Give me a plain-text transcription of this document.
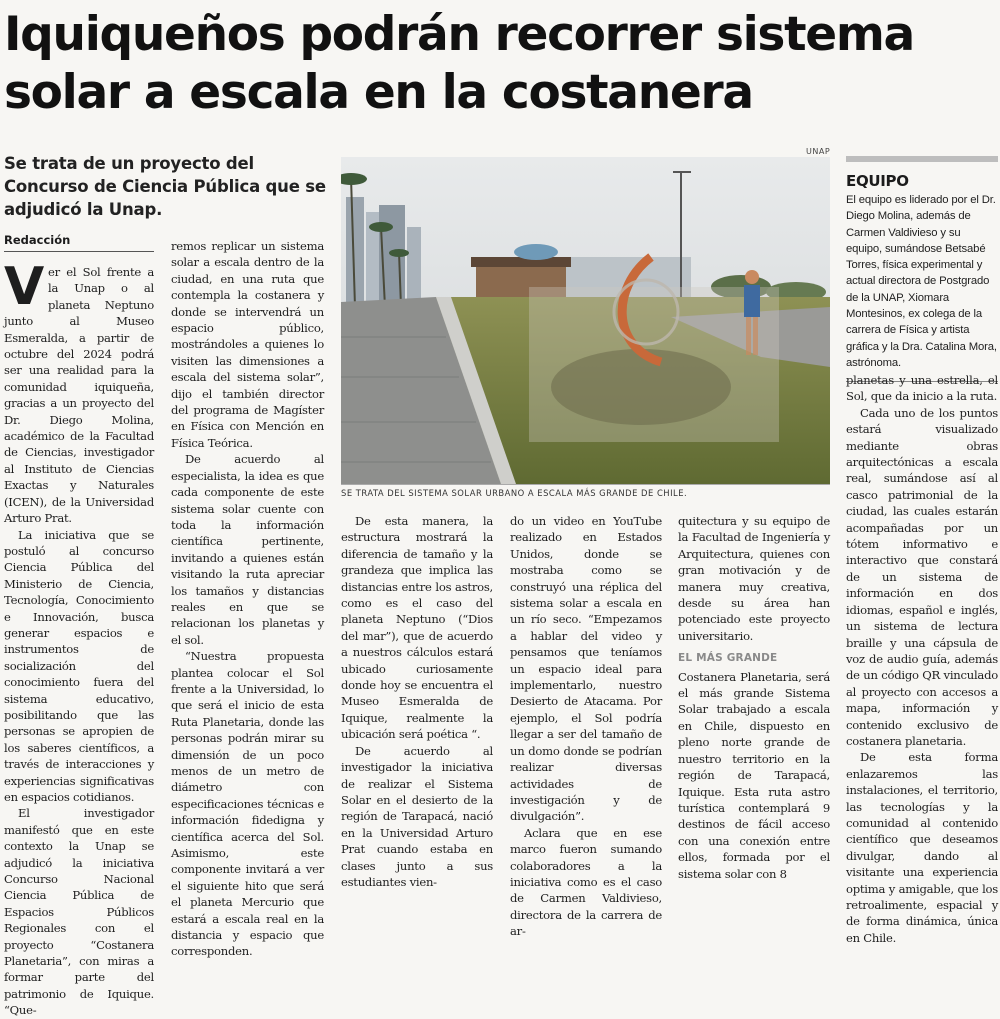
Iquiqueños podrán recorrer sistema solar a escala en la costanera
Se trata de un proyecto del Concurso de Ciencia Pública que se adjudicó la Unap.
Redacción
UNAP
SE TRATA DEL SISTEMA SOLAR URBANO A ESCALA MÁS GRANDE DE CHILE.

Ver el Sol frente a la Unap o al planeta Neptuno junto al Museo Esmeralda, a partir de octubre del 2024 podrá ser una realidad para la comunidad iquiqueña, gracias a un proyecto del Dr. Diego Molina, académico de la Facultad de Ciencias, investigador al Instituto de Ciencias Exactas y Naturales (ICEN), de la Universidad Arturo Prat.

La iniciativa que se postuló al concurso Ciencia Pública del Ministerio de Ciencia, Tecnología, Conocimiento e Innovación, busca generar espacios e instrumentos de socialización del conocimiento fuera del sistema educativo, posibilitando que las personas se apropien de los saberes científicos, a través de interacciones y experiencias significativas en espacios cotidianos.

El investigador manifestó que en este contexto la Unap se adjudicó la iniciativa Concurso Nacional Ciencia Pública de Espacios Públicos Regionales con el proyecto “Costanera Planetaria”, con miras a formar parte del patrimonio de Iquique. “Que-

remos replicar un sistema solar a escala dentro de la ciudad, en una ruta que contempla la costanera y donde se intervendrá un espacio público, mostrándoles a quienes lo visiten las dimensiones a escala del sistema solar”, dijo el también director del programa de Magíster en Física con Mención en Física Teórica.

De acuerdo al especialista, la idea es que cada componente de este sistema solar cuente con toda la información científica pertinente, invitando a quienes están visitando la ruta apreciar los tamaños y distancias reales en que se relacionan los planetas y el sol.

“Nuestra propuesta plantea colocar el Sol frente a la Universidad, lo que será el inicio de esta Ruta Planetaria, donde las personas podrán mirar su dimensión de un poco menos de un metro de diámetro con especificaciones técnicas e información fidedigna y científica acerca del Sol. Asimismo, este componente invitará a ver el siguiente hito que será el planeta Mercurio que estará a escala real en la distancia y espacio que corresponden.

De esta manera, la estructura mostrará la diferencia de tamaño y la grandeza que implica las distancias entre los astros, como es el caso del planeta Neptuno (“Dios del mar”), que de acuerdo a nuestros cálculos estará ubicado curiosamente donde hoy se encuentra el Museo Esmeralda de Iquique, realmente la ubicación será poética “.

De acuerdo al investigador la iniciativa de realizar el Sistema Solar en el desierto de la región de Tarapacá, nació en la Universidad Arturo Prat cuando estaba en clases junto a sus estudiantes vien-

do un video en YouTube realizado en Estados Unidos, donde se mostraba como se construyó una réplica del sistema solar a escala en un río seco. “Empezamos a hablar del video y pensamos que teníamos un espacio ideal para implementarlo, nuestro Desierto de Atacama. Por ejemplo, el Sol podría llegar a ser del tamaño de un domo donde se podrían realizar diversas actividades de investigación y de divulgación”.

Aclara que en ese marco fueron sumando colaboradores a la iniciativa como es el caso de Carmen Valdivieso, directora de la carrera de ar-

quitectura y su equipo de la Facultad de Ingeniería y Arquitectura, quienes con gran motivación y de manera muy creativa, desde su área han potenciado este proyecto universitario.

EL MÁS GRANDE

Costanera Planetaria, será el más grande Sistema Solar trabajado a escala en Chile, dispuesto en pleno norte grande de nuestro territorio en la región de Tarapacá, Iquique. Esta ruta astro turística contemplará 9 destinos de fácil acceso con una conexión entre ellos, formada por el sistema solar con 8

EQUIPO

El equipo es liderado por el Dr. Diego Molina, además de Carmen Valdivieso y su equipo, sumándose Betsabé Torres, física experimental y actual directora de Postgrado de la UNAP, Xiomara Montesinos, ex colega de la carrera de Física y artista gráfica y la Dra. Catalina Mora, astrónoma.

planetas y una estrella, el Sol, que da inicio a la ruta.

Cada uno de los puntos estará visualizado mediante obras arquitectónicas a escala real, sumándose así al casco patrimonial de la ciudad, las cuales estarán acompañadas por un tótem informativo e interactivo que constará de un sistema de información en dos idiomas, español e inglés, un sistema de lectura braille y una cápsula de voz de audio guía, además de un código QR vinculado al proyecto con accesos a mapa, información y contenido exclusivo de costanera planetaria.

De esta forma enlazaremos las instalaciones, el territorio, las tecnologías y la comunidad al contenido científico que deseamos divulgar, dando al visitante una experiencia optima y amigable, que los retroalimente, espacial y de forma dinámica, única en Chile.
